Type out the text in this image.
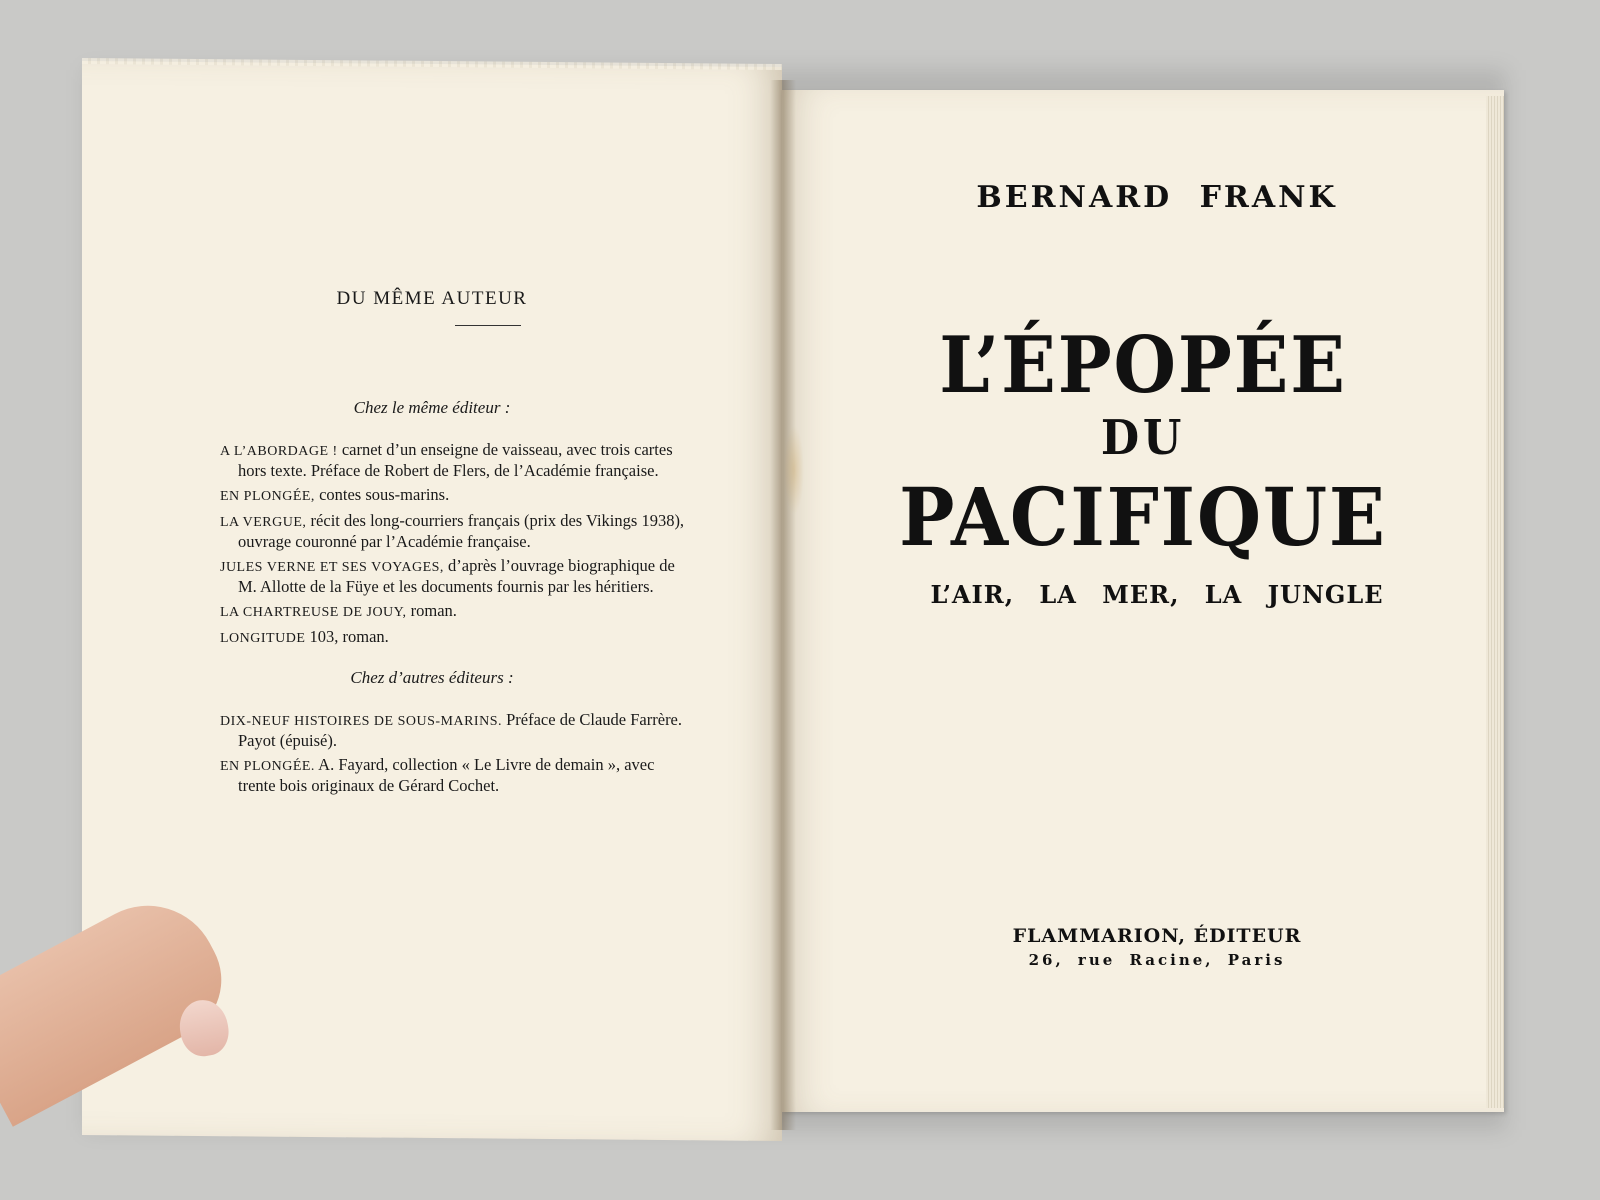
DU MÊME AUTEUR
Chez le même éditeur :
A L’ABORDAGE ! carnet d’un enseigne de vaisseau, avec trois cartes
hors texte. Préface de Robert de Flers, de l’Académie française.
EN PLONGÉE, contes sous-marins.
LA VERGUE, récit des long-courriers français (prix des Vikings 1938),
ouvrage couronné par l’Académie française.
JULES VERNE ET SES VOYAGES, d’après l’ouvrage biographique de
M. Allotte de la Füye et les documents fournis par les héritiers.
LA CHARTREUSE DE JOUY, roman.
LONGITUDE 103, roman.
Chez d’autres éditeurs :
DIX-NEUF HISTOIRES DE SOUS-MARINS. Préface de Claude Farrère.
Payot (épuisé).
EN PLONGÉE. A. Fayard, collection « Le Livre de demain », avec
trente bois originaux de Gérard Cochet.
BERNARD FRANK
L’ÉPOPÉE
DU
PACIFIQUE
L’AIR, LA MER, LA JUNGLE
FLAMMARION, ÉDITEUR
26, rue Racine, Paris
